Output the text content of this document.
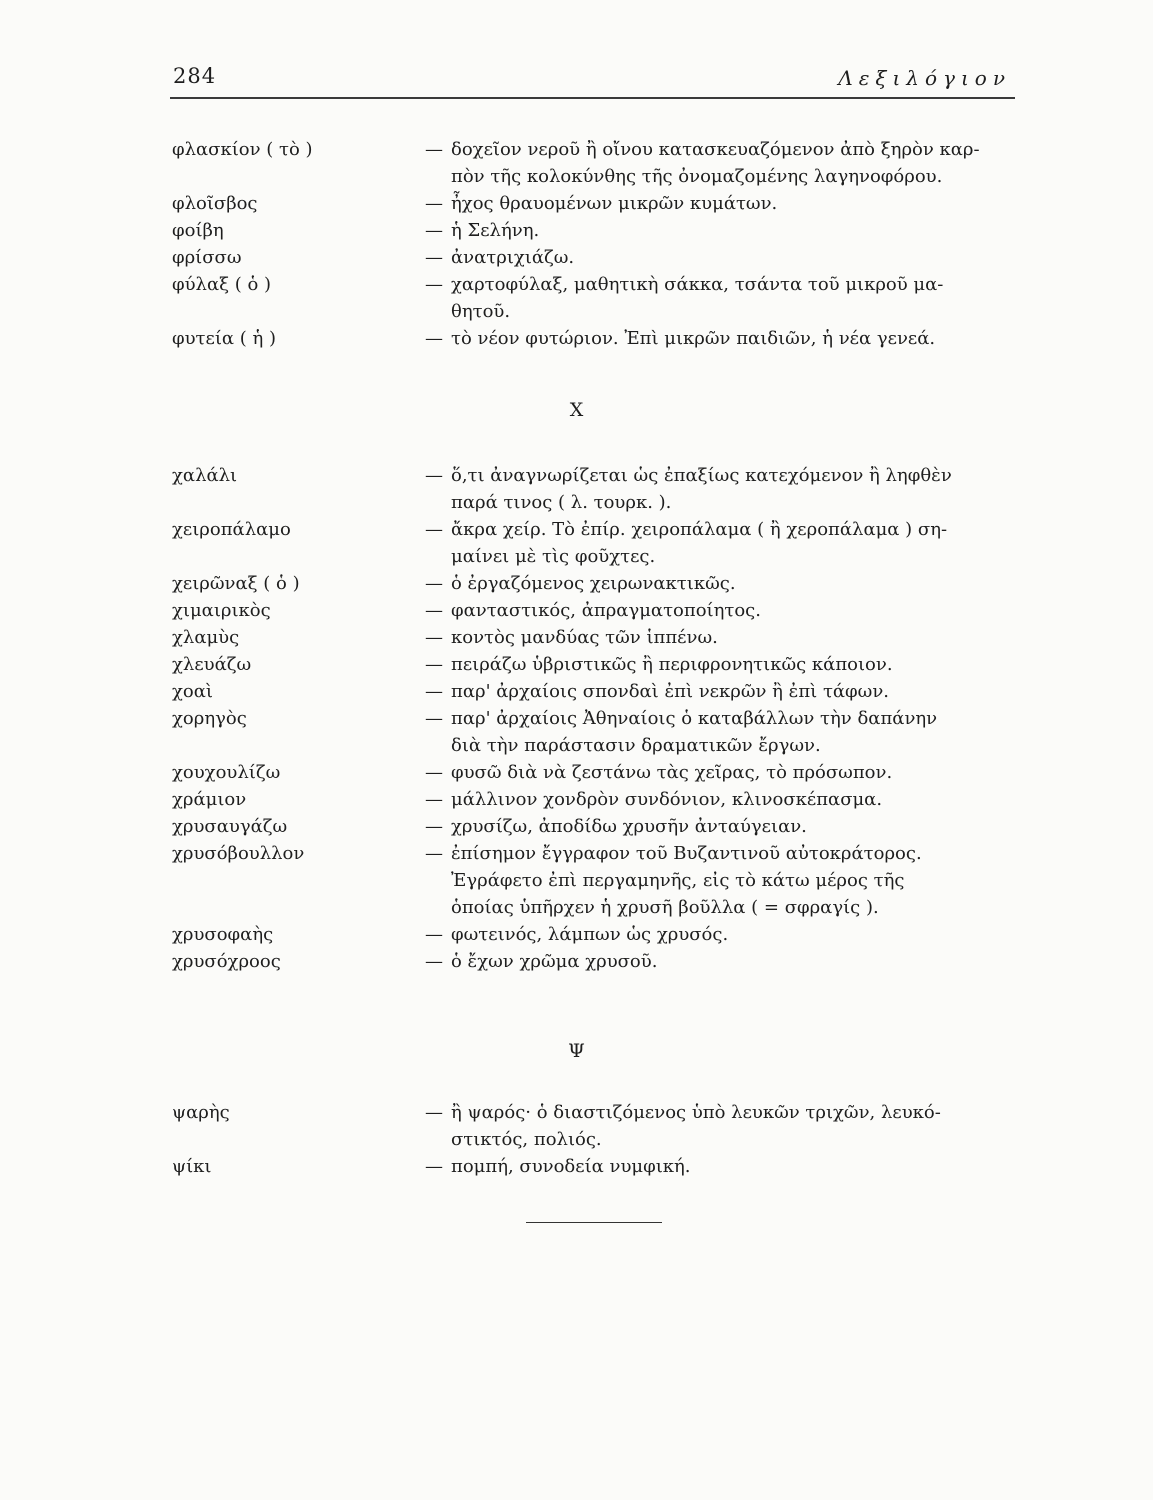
284	Λεξιλόγιον
φλασκίον ( τὸ )	— δοχεῖον νεροῦ ἢ οἴνου κατασκευαζόμενον ἀπὸ ξηρὸν καρ-
πὸν τῆς κολοκύνθης τῆς ὀνομαζομένης λαγηνοφόρου.
φλοῖσβος	— ἦχος θραυομένων μικρῶν κυμάτων.
φοίβη	— ἡ Σελήνη.
φρίσσω	— ἀνατριχιάζω.
φύλαξ ( ὁ )	— χαρτοφύλαξ, μαθητικὴ σάκκα, τσάντα τοῦ μικροῦ μα-
θητοῦ.
φυτεία ( ἡ )	— τὸ νέον φυτώριον. Ἐπὶ μικρῶν παιδιῶν, ἡ νέα γενεά.
Χ
χαλάλι	— ὅ,τι ἀναγνωρίζεται ὡς ἐπαξίως κατεχόμενον ἢ ληφθὲν
παρά τινος ( λ. τουρκ. ).
χειροπάλαμο	— ἄκρα χείρ. Τὸ ἐπίρ. χειροπάλαμα ( ἢ χεροπάλαμα ) ση-
μαίνει μὲ τὶς φοῦχτες.
χειρῶναξ ( ὁ )	— ὁ ἐργαζόμενος χειρωνακτικῶς.
χιμαιρικὸς	— φανταστικός, ἀπραγματοποίητος.
χλαμὺς	— κοντὸς μανδύας τῶν ἱππένω.
χλευάζω	— πειράζω ὑβριστικῶς ἢ περιφρονητικῶς κάποιον.
χοαὶ	— παρ' ἀρχαίοις σπονδαὶ ἐπὶ νεκρῶν ἢ ἐπὶ τάφων.
χορηγὸς	— παρ' ἀρχαίοις Ἀθηναίοις ὁ καταβάλλων τὴν δαπάνην
διὰ τὴν παράστασιν δραματικῶν ἔργων.
χουχουλίζω	— φυσῶ διὰ νὰ ζεστάνω τὰς χεῖρας, τὸ πρόσωπον.
χράμιον	— μάλλινον χονδρὸν συνδόνιον, κλινοσκέπασμα.
χρυσαυγάζω	— χρυσίζω, ἀποδίδω χρυσῆν ἀνταύγειαν.
χρυσόβουλλον	— ἐπίσημον ἔγγραφον τοῦ Βυζαντινοῦ αὐτοκράτορος.
Ἐγράφετο ἐπὶ περγαμηνῆς, εἰς τὸ κάτω μέρος τῆς
ὁποίας ὑπῆρχεν ἡ χρυσῆ βοῦλλα ( = σφραγίς ).
χρυσοφαὴς	— φωτεινός, λάμπων ὡς χρυσός.
χρυσόχροος	— ὁ ἔχων χρῶμα χρυσοῦ.
Ψ
ψαρὴς	— ἢ ψαρός· ὁ διαστιζόμενος ὑπὸ λευκῶν τριχῶν, λευκό-
στικτός, πολιός.
ψίκι	— πομπή, συνοδεία νυμφική.
